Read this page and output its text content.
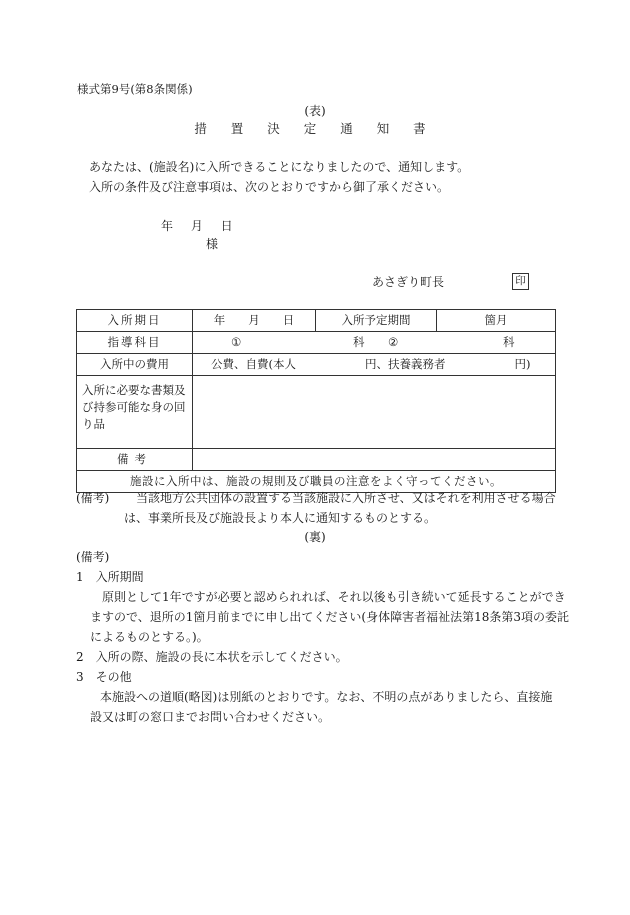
様式第9号(第8条関係)
(表)
措 置 決 定 通 知 書
あなたは、(施設名)に入所できることになりましたので、通知します。
入所の条件及び注意事項は、次のとおりですから御了承ください。
年 月 日
様
あさぎり町長	印
入所期日	年　　月　　日	入所予定期間	箇月
指導科目	① 科 ② 科		

入所中の費用	公費、自費(本人　　　　　　円、扶養義務者　　　　　　円)		
入所に必要な書類及び持参可能な身の回り品			
備考			
施設に入所中は、施設の規則及び職員の注意をよく守ってください。			
(備考) 当該地方公共団体の設置する当該施設に入所させ、又はそれを利用させる場合
は、事業所長及び施設長より本人に通知するものとする。
(裏)
(備考)
1　入所期間
　原則として1年ですが必要と認められれば、それ以後も引き続いて延長することができ
ますので、退所の1箇月前までに申し出てください(身体障害者福祉法第18条第3項の委託
によるものとする。)。
2　入所の際、施設の長に本状を示してください。
3　その他
本施設への道順(略図)は別紙のとおりです。なお、不明の点がありましたら、直接施
設又は町の窓口までお問い合わせください。
